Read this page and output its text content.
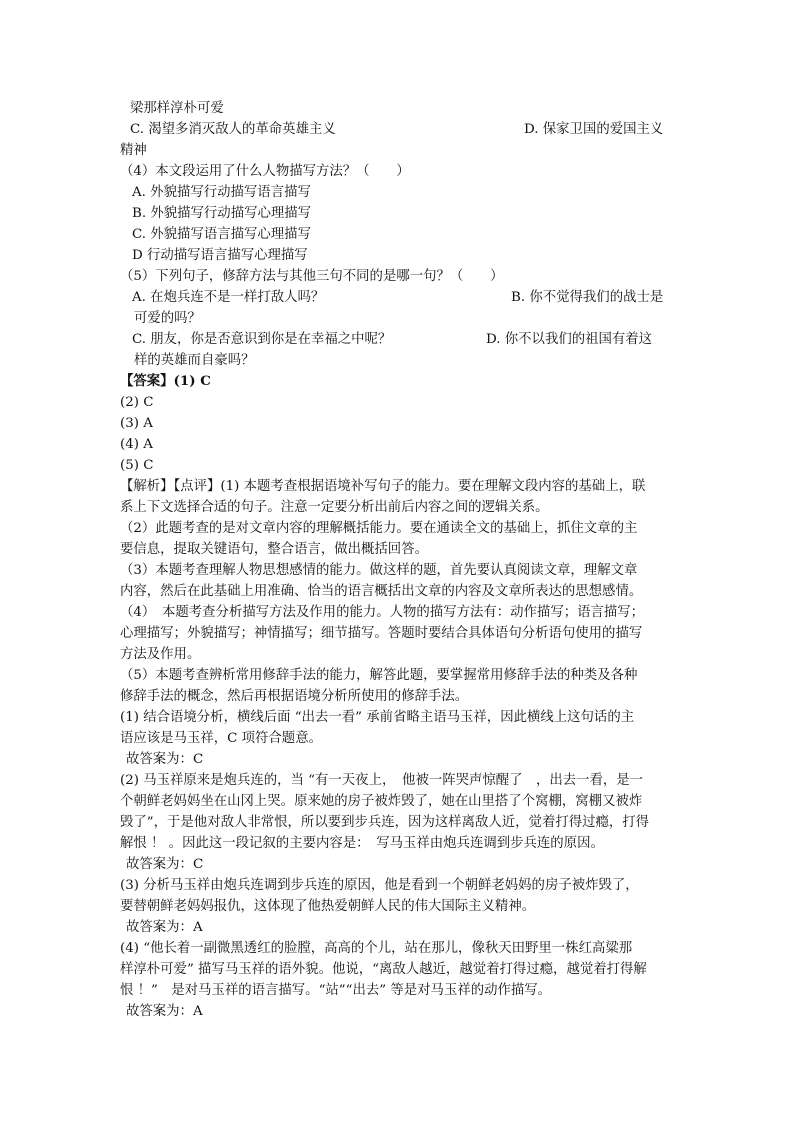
梁那样淳朴可爱
C. 渴望多消灭敌人的革命英雄主义	D. 保家卫国的爱国主义
精神
（4）本文段运用了什么人物描写方法？（　　）
A. 外貌描写行动描写语言描写
B. 外貌描写行动描写心理描写
C. 外貌描写语言描写心理描写
D 行动描写语言描写心理描写
（5）下列句子，修辞方法与其他三句不同的是哪一句？（　　）
A. 在炮兵连不是一样打敌人吗？	B. 你不觉得我们的战士是
可爱的吗？
C. 朋友，你是否意识到你是在幸福之中呢？	D. 你不以我们的祖国有着这
样的英雄而自豪吗？
【答案】(1) C
(2) C
(3) A
(4) A
(5) C
【解析】【点评】(1) 本题考查根据语境补写句子的能力。要在理解文段内容的基础上，联
系上下文选择合适的句子。注意一定要分析出前后内容之间的逻辑关系。
（2）此题考查的是对文章内容的理解概括能力。要在通读全文的基础上，抓住文章的主
要信息，提取关键语句，整合语言，做出概括回答。
（3）本题考查理解人物思想感情的能力。做这样的题，首先要认真阅读文章，理解文章
内容，然后在此基础上用准确、恰当的语言概括出文章的内容及文章所表达的思想感情。
（4）　本题考查分析描写方法及作用的能力。人物的描写方法有：动作描写；语言描写；
心理描写；外貌描写；神情描写；细节描写。答题时要结合具体语句分析语句使用的描写
方法及作用。
（5）本题考查辨析常用修辞手法的能力，解答此题，要掌握常用修辞手法的种类及各种
修辞手法的概念，然后再根据语境分析所使用的修辞手法。
(1) 结合语境分析，横线后面 “出去一看” 承前省略主语马玉祥，因此横线上这句话的主
语应该是马玉祥，C 项符合题意。
故答案为：C
(2) 马玉祥原来是炮兵连的，当 “有一天夜上，　他被一阵哭声惊醒了　，出去一看，是一
个朝鲜老妈妈坐在山冈上哭。原来她的房子被炸毁了，她在山里搭了个窝棚，窝棚又被炸
毁了”，于是他对敌人非常恨，所以要到步兵连，因为这样离敌人近，觉着打得过瘾，打得
解恨 ！ 。因此这一段记叙的主要内容是：　写马玉祥由炮兵连调到步兵连的原因。
故答案为：C
(3) 分析马玉祥由炮兵连调到步兵连的原因，他是看到一个朝鲜老妈妈的房子被炸毁了，
要替朝鲜老妈妈报仇，这体现了他热爱朝鲜人民的伟大国际主义精神。
故答案为：A
(4) “他长着一副微黑透红的脸膛，高高的个儿，站在那儿，像秋天田野里一株红高粱那
样淳朴可爱” 描写马玉祥的语外貌。他说，“离敌人越近，越觉着打得过瘾，越觉着打得解
恨 ！”　是对马玉祥的语言描写。“站”“出去” 等是对马玉祥的动作描写。
故答案为：A
